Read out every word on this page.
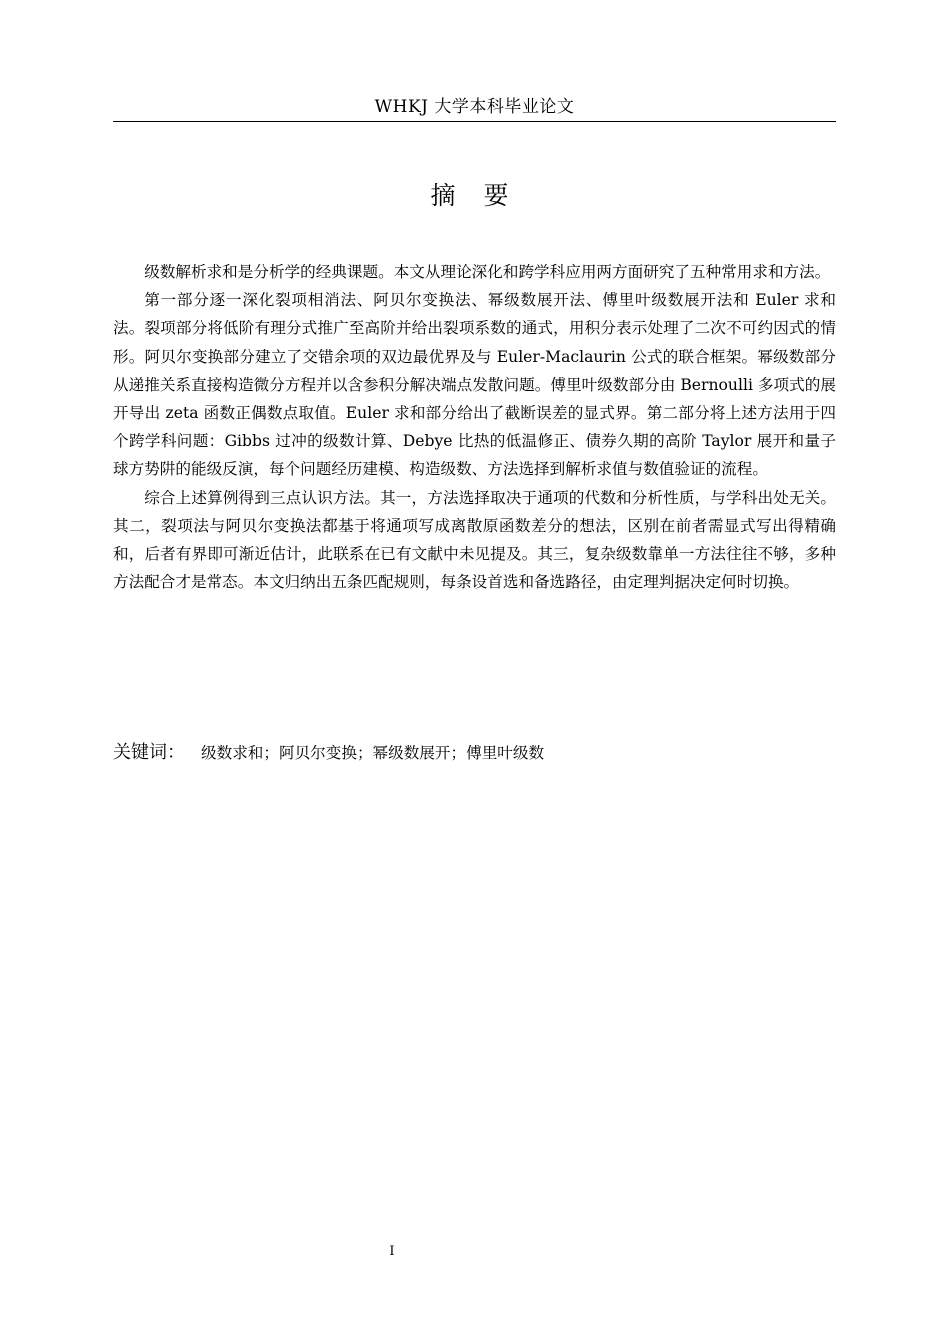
WHKJ 大学本科毕业论文
摘 要

级数解析求和是分析学的经典课题。本文从理论深化和跨学科应用两方面研究了五种常用求和方法。

第一部分逐一深化裂项相消法、阿贝尔变换法、幂级数展开法、傅里叶级数展开法和 Euler 求和法。裂项部分将低阶有理分式推广至高阶并给出裂项系数的通式，用积分表示处理了二次不可约因式的情形。阿贝尔变换部分建立了交错余项的双边最优界及与 Euler-Maclaurin 公式的联合框架。幂级数部分从递推关系直接构造微分方程并以含参积分解决端点发散问题。傅里叶级数部分由 Bernoulli 多项式的展开导出 zeta 函数正偶数点取值。Euler 求和部分给出了截断误差的显式界。第二部分将上述方法用于四个跨学科问题：Gibbs 过冲的级数计算、Debye 比热的低温修正、债券久期的高阶 Taylor 展开和量子球方势阱的能级反演，每个问题经历建模、构造级数、方法选择到解析求值与数值验证的流程。

综合上述算例得到三点认识方法。其一，方法选择取决于通项的代数和分析性质，与学科出处无关。其二，裂项法与阿贝尔变换法都基于将通项写成离散原函数差分的想法，区别在前者需显式写出得精确和，后者有界即可渐近估计，此联系在已有文献中未见提及。其三，复杂级数靠单一方法往往不够，多种方法配合才是常态。本文归纳出五条匹配规则，每条设首选和备选路径，由定理判据决定何时切换。

关键词： 级数求和；阿贝尔变换；幂级数展开；傅里叶级数
I
